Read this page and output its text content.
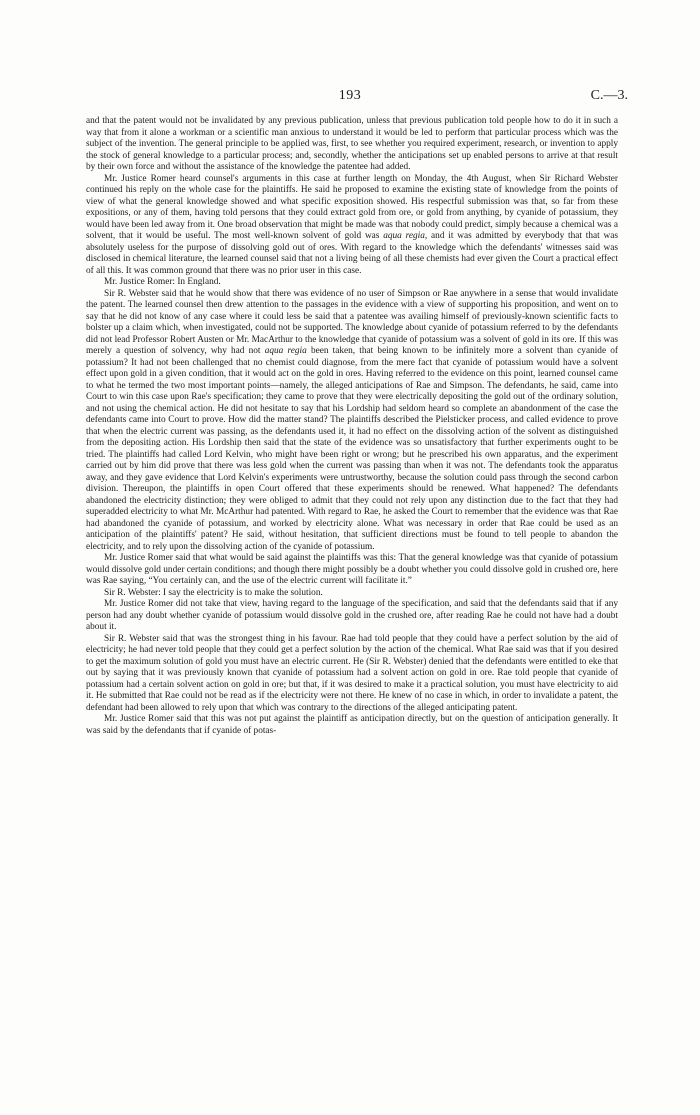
193	C.—3.

and that the patent would not be invalidated by any previous publication, unless that previous publication told people how to do it in such a way that from it alone a workman or a scientific man anxious to understand it would be led to perform that particular process which was the subject of the invention. The general principle to be applied was, first, to see whether you required experiment, research, or invention to apply the stock of general knowledge to a particular process; and, secondly, whether the anticipations set up enabled persons to arrive at that result by their own force and without the assistance of the knowledge the patentee had added.

Mr. Justice Romer heard counsel's arguments in this case at further length on Monday, the 4th August, when Sir Richard Webster continued his reply on the whole case for the plaintiffs. He said he proposed to examine the existing state of knowledge from the points of view of what the general knowledge showed and what specific exposition showed. His respectful submission was that, so far from these expositions, or any of them, having told persons that they could extract gold from ore, or gold from anything, by cyanide of potassium, they would have been led away from it. One broad observation that might be made was that nobody could predict, simply because a chemical was a solvent, that it would be useful. The most well-known solvent of gold was aqua regia, and it was admitted by everybody that that was absolutely useless for the purpose of dissolving gold out of ores. With regard to the knowledge which the defendants' witnesses said was disclosed in chemical literature, the learned counsel said that not a living being of all these chemists had ever given the Court a practical effect of all this. It was common ground that there was no prior user in this case.

Mr. Justice Romer: In England.

Sir R. Webster said that he would show that there was evidence of no user of Simpson or Rae anywhere in a sense that would invalidate the patent. The learned counsel then drew attention to the passages in the evidence with a view of supporting his proposition, and went on to say that he did not know of any case where it could less be said that a patentee was availing himself of previously-known scientific facts to bolster up a claim which, when investigated, could not be supported. The knowledge about cyanide of potassium referred to by the defendants did not lead Professor Robert Austen or Mr. MacArthur to the knowledge that cyanide of potassium was a solvent of gold in its ore. If this was merely a question of solvency, why had not aqua regia been taken, that being known to be infinitely more a solvent than cyanide of potassium? It had not been challenged that no chemist could diagnose, from the mere fact that cyanide of potassium would have a solvent effect upon gold in a given condition, that it would act on the gold in ores. Having referred to the evidence on this point, learned counsel came to what he termed the two most important points—namely, the alleged anticipations of Rae and Simpson. The defendants, he said, came into Court to win this case upon Rae's specification; they came to prove that they were electrically depositing the gold out of the ordinary solution, and not using the chemical action. He did not hesitate to say that his Lordship had seldom heard so complete an abandonment of the case the defendants came into Court to prove. How did the matter stand? The plaintiffs described the Pielsticker process, and called evidence to prove that when the electric current was passing, as the defendants used it, it had no effect on the dissolving action of the solvent as distinguished from the depositing action. His Lordship then said that the state of the evidence was so unsatisfactory that further experiments ought to be tried. The plaintiffs had called Lord Kelvin, who might have been right or wrong; but he prescribed his own apparatus, and the experiment carried out by him did prove that there was less gold when the current was passing than when it was not. The defendants took the apparatus away, and they gave evidence that Lord Kelvin's experiments were untrustworthy, because the solution could pass through the second carbon division. Thereupon, the plaintiffs in open Court offered that these experiments should be renewed. What happened? The defendants abandoned the electricity distinction; they were obliged to admit that they could not rely upon any distinction due to the fact that they had superadded electricity to what Mr. McArthur had patented. With regard to Rae, he asked the Court to remember that the evidence was that Rae had abandoned the cyanide of potassium, and worked by electricity alone. What was necessary in order that Rae could be used as an anticipation of the plaintiffs' patent? He said, without hesitation, that sufficient directions must be found to tell people to abandon the electricity, and to rely upon the dissolving action of the cyanide of potassium.

Mr. Justice Romer said that what would be said against the plaintiffs was this: That the general knowledge was that cyanide of potassium would dissolve gold under certain conditions; and though there might possibly be a doubt whether you could dissolve gold in crushed ore, here was Rae saying, “You certainly can, and the use of the electric current will facilitate it.”

Sir R. Webster: I say the electricity is to make the solution.

Mr. Justice Romer did not take that view, having regard to the language of the specification, and said that the defendants said that if any person had any doubt whether cyanide of potassium would dissolve gold in the crushed ore, after reading Rae he could not have had a doubt about it.

Sir R. Webster said that was the strongest thing in his favour. Rae had told people that they could have a perfect solution by the aid of electricity; he had never told people that they could get a perfect solution by the action of the chemical. What Rae said was that if you desired to get the maximum solution of gold you must have an electric current. He (Sir R. Webster) denied that the defendants were entitled to eke that out by saying that it was previously known that cyanide of potassium had a solvent action on gold in ore. Rae told people that cyanide of potassium had a certain solvent action on gold in ore; but that, if it was desired to make it a practical solution, you must have electricity to aid it. He submitted that Rae could not be read as if the electricity were not there. He knew of no case in which, in order to invalidate a patent, the defendant had been allowed to rely upon that which was contrary to the directions of the alleged anticipating patent.

Mr. Justice Romer said that this was not put against the plaintiff as anticipation directly, but on the question of anticipation generally. It was said by the defendants that if cyanide of potas-
